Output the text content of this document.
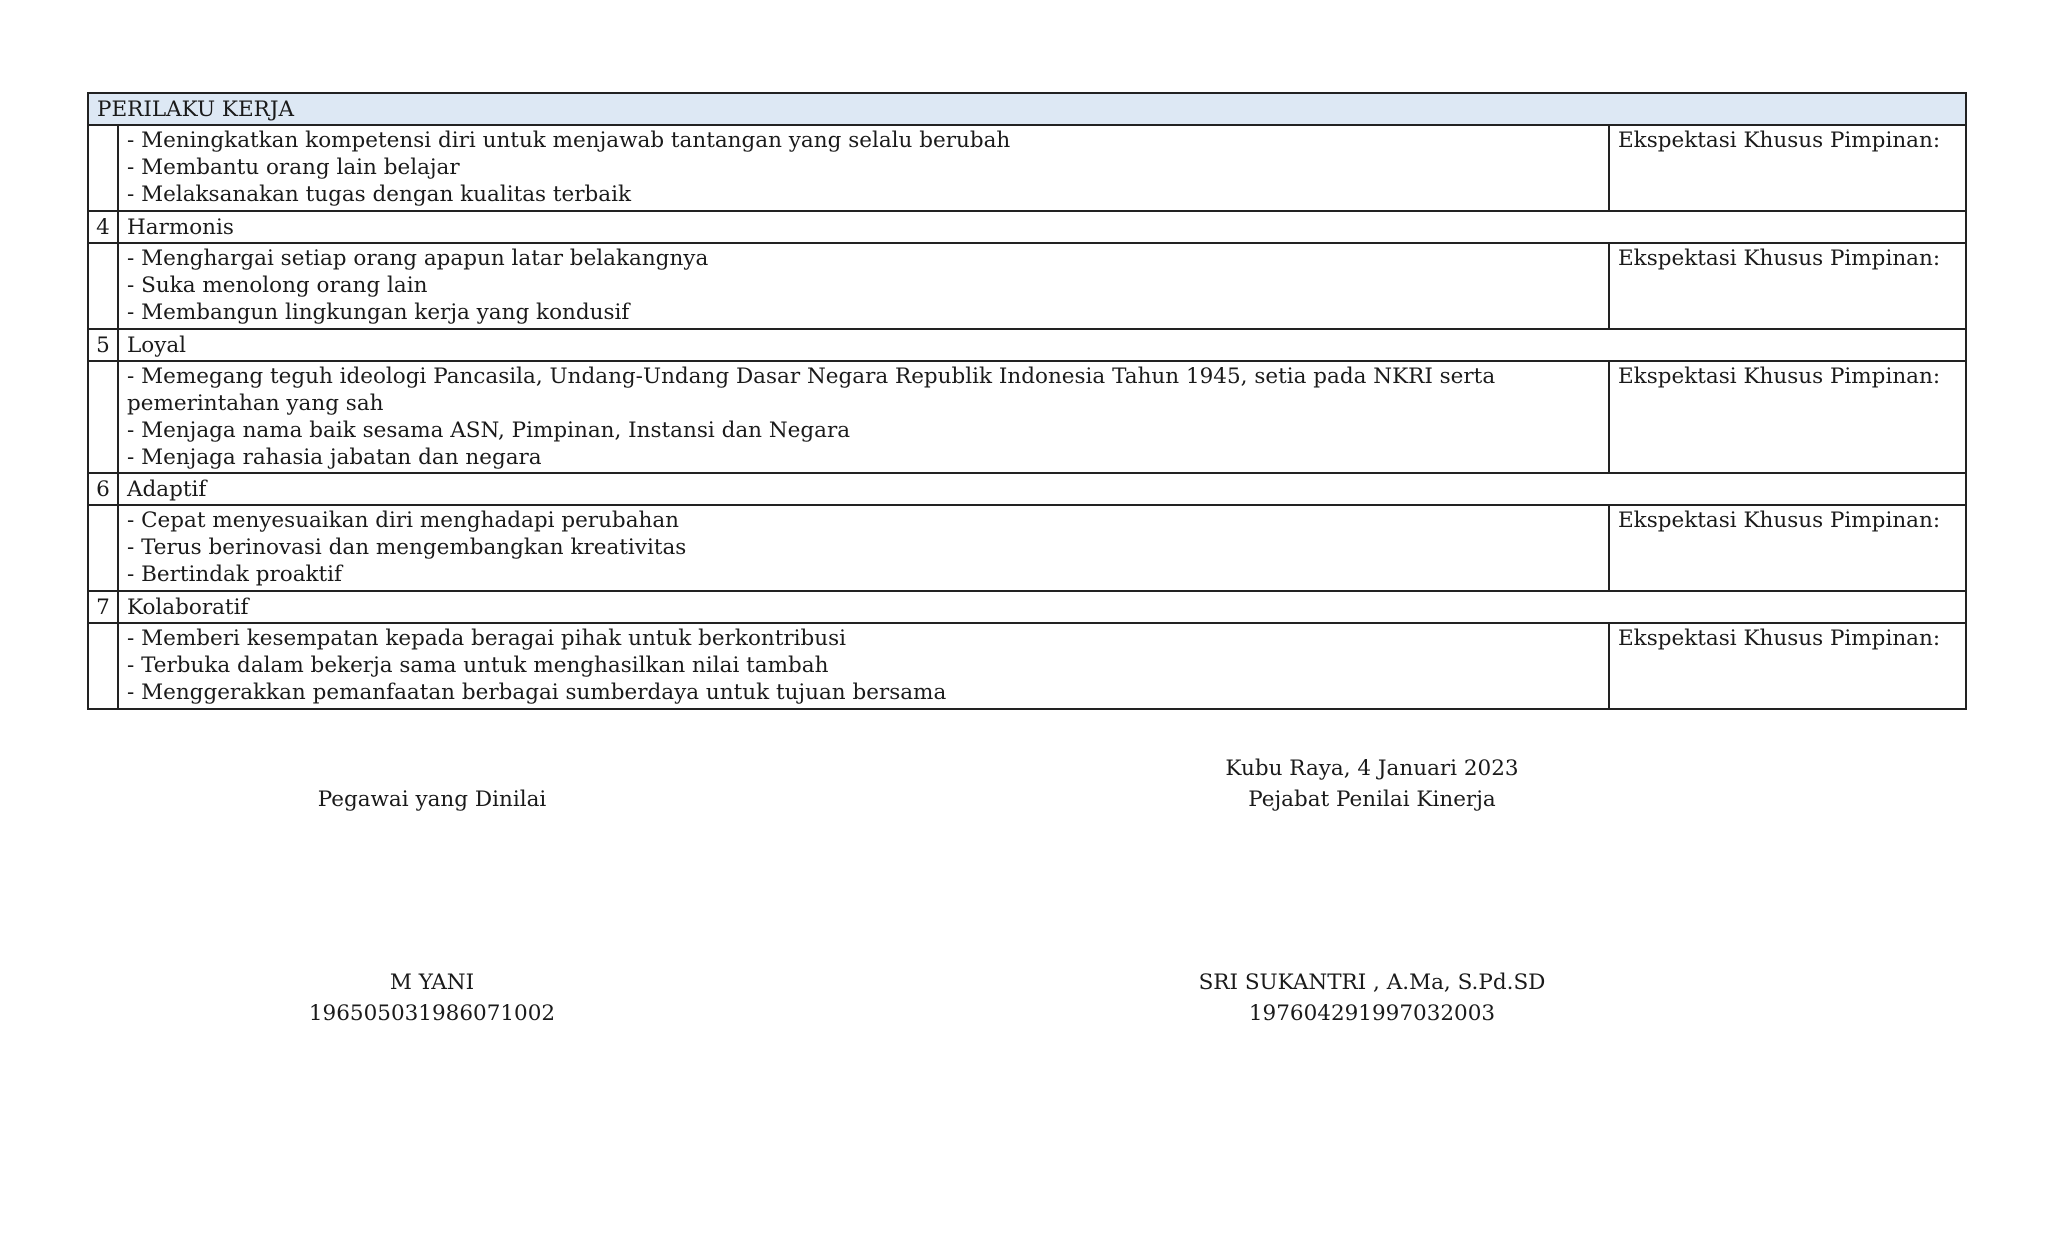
PERILAKU KERJA		

	- Meningkatkan kompetensi diri untuk menjawab tantangan yang selalu berubah
- Membantu orang lain belajar
- Melaksanakan tugas dengan kualitas terbaik	Ekspektasi Khusus Pimpinan:
4	Harmonis	

	- Menghargai setiap orang apapun latar belakangnya
- Suka menolong orang lain
- Membangun lingkungan kerja yang kondusif	Ekspektasi Khusus Pimpinan:
5	Loyal	

	- Memegang teguh ideologi Pancasila, Undang-Undang Dasar Negara Republik Indonesia Tahun 1945, setia pada NKRI serta pemerintahan yang sah
- Menjaga nama baik sesama ASN, Pimpinan, Instansi dan Negara
- Menjaga rahasia jabatan dan negara	Ekspektasi Khusus Pimpinan:
6	Adaptif	

	- Cepat menyesuaikan diri menghadapi perubahan
- Terus berinovasi dan mengembangkan kreativitas
- Bertindak proaktif	Ekspektasi Khusus Pimpinan:
7	Kolaboratif	

	- Memberi kesempatan kepada beragai pihak untuk berkontribusi
- Terbuka dalam bekerja sama untuk menghasilkan nilai tambah
- Menggerakkan pemanfaatan berbagai sumberdaya untuk tujuan bersama	Ekspektasi Khusus Pimpinan:
Pegawai yang Dinilai
M YANI
196505031986071002
Kubu Raya, 4 Januari 2023
Pejabat Penilai Kinerja
SRI SUKANTRI , A.Ma, S.Pd.SD
197604291997032003
